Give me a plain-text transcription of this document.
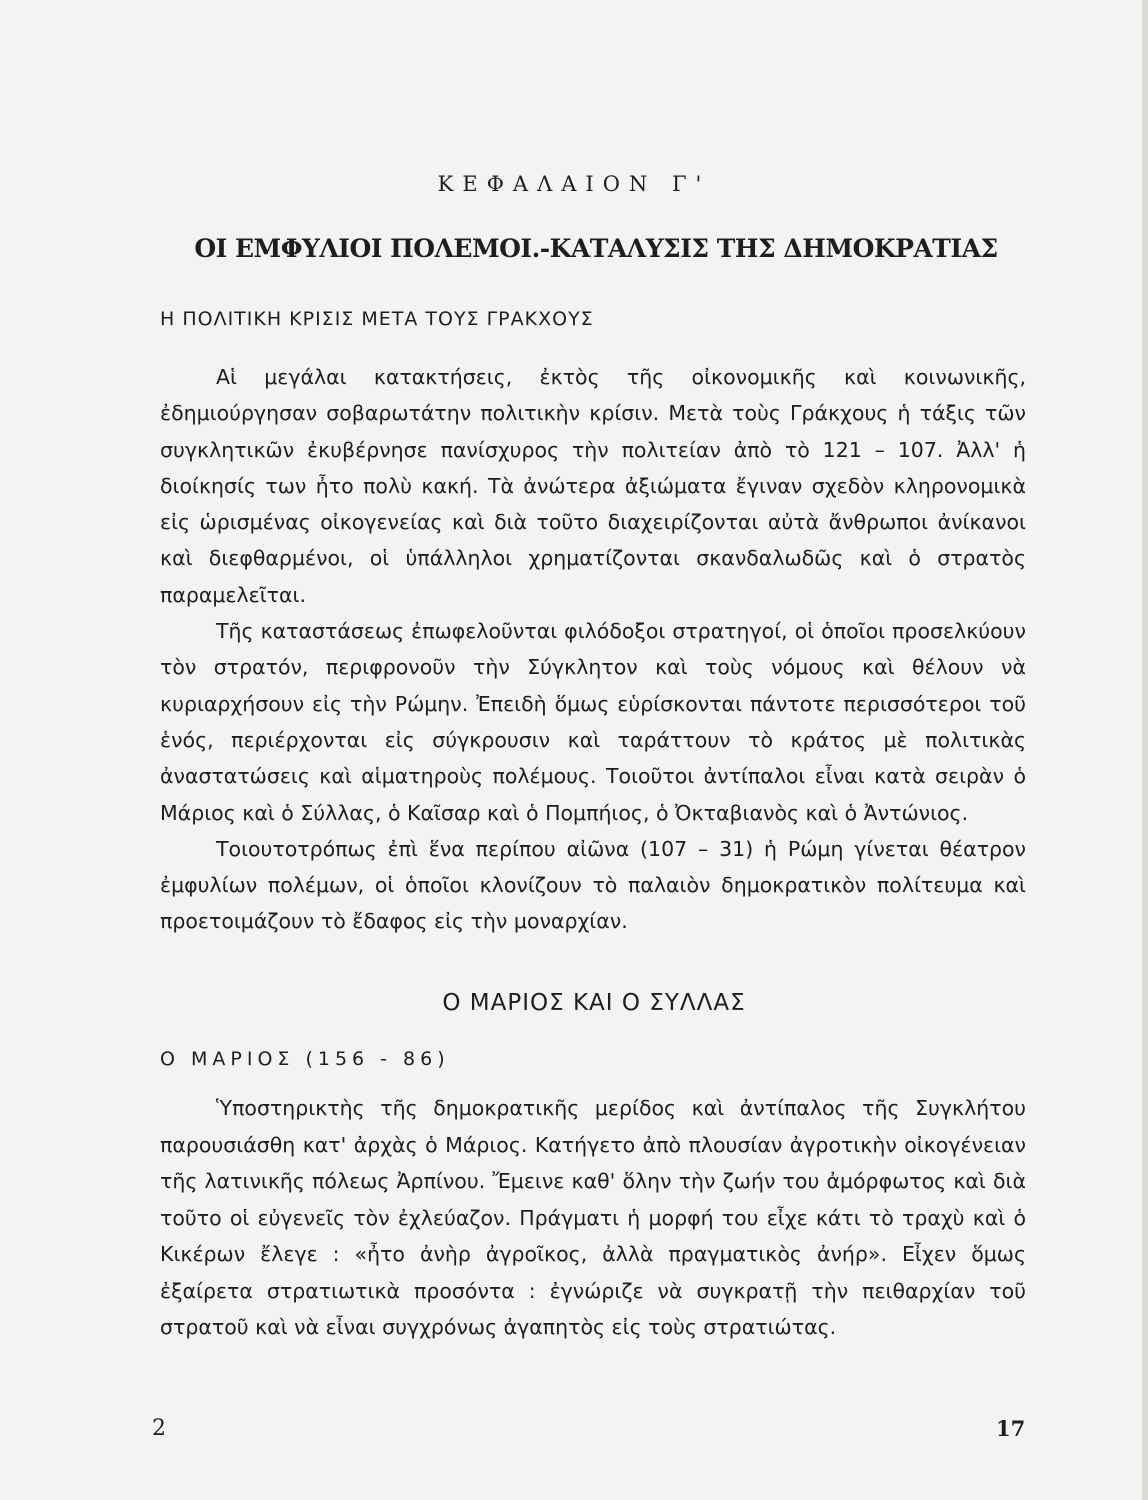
ΚΕΦΑΛΑΙΟΝ Γ'
ΟΙ ΕΜΦΥΛΙΟΙ ΠΟΛΕΜΟΙ.-ΚΑΤΑΛΥΣΙΣ ΤΗΣ ΔΗΜΟΚΡΑΤΙΑΣ
Η ΠΟΛΙΤΙΚΗ ΚΡΙΣΙΣ ΜΕΤΑ ΤΟΥΣ ΓΡΑΚΧΟΥΣ

Αἱ μεγάλαι κατακτήσεις, ἐκτὸς τῆς οἰκονομικῆς καὶ κοινωνικῆς, ἐδημιούργησαν σοβαρωτάτην πολιτικὴν κρίσιν. Μετὰ τοὺς Γράκχους ἡ τάξις τῶν συγκλητικῶν ἐκυβέρνησε πανίσχυρος τὴν πολιτείαν ἀπὸ τὸ 121 – 107. Ἀλλ' ἡ διοίκησίς των ἦτο πολὺ κακή. Τὰ ἀνώτερα ἀξιώματα ἔγιναν σχεδὸν κληρονομικὰ εἰς ὡρισμένας οἰκογενείας καὶ διὰ τοῦτο διαχειρίζονται αὐτὰ ἄνθρωποι ἀνίκανοι καὶ διεφθαρμένοι, οἱ ὑπάλληλοι χρηματίζονται σκανδαλωδῶς καὶ ὁ στρατὸς παραμελεῖται.

Τῆς καταστάσεως ἐπωφελοῦνται φιλόδοξοι στρατηγοί, οἱ ὁποῖοι προσελκύουν τὸν στρατόν, περιφρονοῦν τὴν Σύγκλητον καὶ τοὺς νόμους καὶ θέλουν νὰ κυριαρχήσουν εἰς τὴν Ρώμην. Ἐπειδὴ ὅμως εὑρίσκονται πάντοτε περισσότεροι τοῦ ἑνός, περιέρχονται εἰς σύγκρουσιν καὶ ταράττουν τὸ κράτος μὲ πολιτικὰς ἀναστατώσεις καὶ αἱματηροὺς πολέμους. Τοιοῦτοι ἀντίπαλοι εἶναι κατὰ σειρὰν ὁ Μάριος καὶ ὁ Σύλλας, ὁ Καῖσαρ καὶ ὁ Πομπήιος, ὁ Ὀκταβιανὸς καὶ ὁ Ἀντώνιος.

Τοιουτοτρόπως ἐπὶ ἕνα περίπου αἰῶνα (107 – 31) ἡ Ρώμη γίνεται θέατρον ἐμφυλίων πολέμων, οἱ ὁποῖοι κλονίζουν τὸ παλαιὸν δημοκρατικὸν πολίτευμα καὶ προετοιμάζουν τὸ ἔδαφος εἰς τὴν μοναρχίαν.

Ο ΜΑΡΙΟΣ ΚΑΙ Ο ΣΥΛΛΑΣ
Ο ΜΑΡΙΟΣ (156 - 86)

Ὑποστηρικτὴς τῆς δημοκρατικῆς μερίδος καὶ ἀντίπαλος τῆς Συγκλήτου παρουσιάσθη κατ' ἀρχὰς ὁ Μάριος. Κατήγετο ἀπὸ πλουσίαν ἀγροτικὴν οἰκογένειαν τῆς λατινικῆς πόλεως Ἀρπίνου. Ἔμεινε καθ' ὅλην τὴν ζωήν του ἀμόρφωτος καὶ διὰ τοῦτο οἱ εὐγενεῖς τὸν ἐχλεύαζον. Πράγματι ἡ μορφή του εἶχε κάτι τὸ τραχὺ καὶ ὁ Κικέρων ἔλεγε : «ἦτο ἀνὴρ ἀγροῖκος, ἀλλὰ πραγματικὸς ἀνήρ». Εἶχεν ὅμως ἐξαίρετα στρατιωτικὰ προσόντα : ἐγνώριζε νὰ συγκρατῇ τὴν πειθαρχίαν τοῦ στρατοῦ καὶ νὰ εἶναι συγχρόνως ἀγαπητὸς εἰς τοὺς στρατιώτας.

2	17
